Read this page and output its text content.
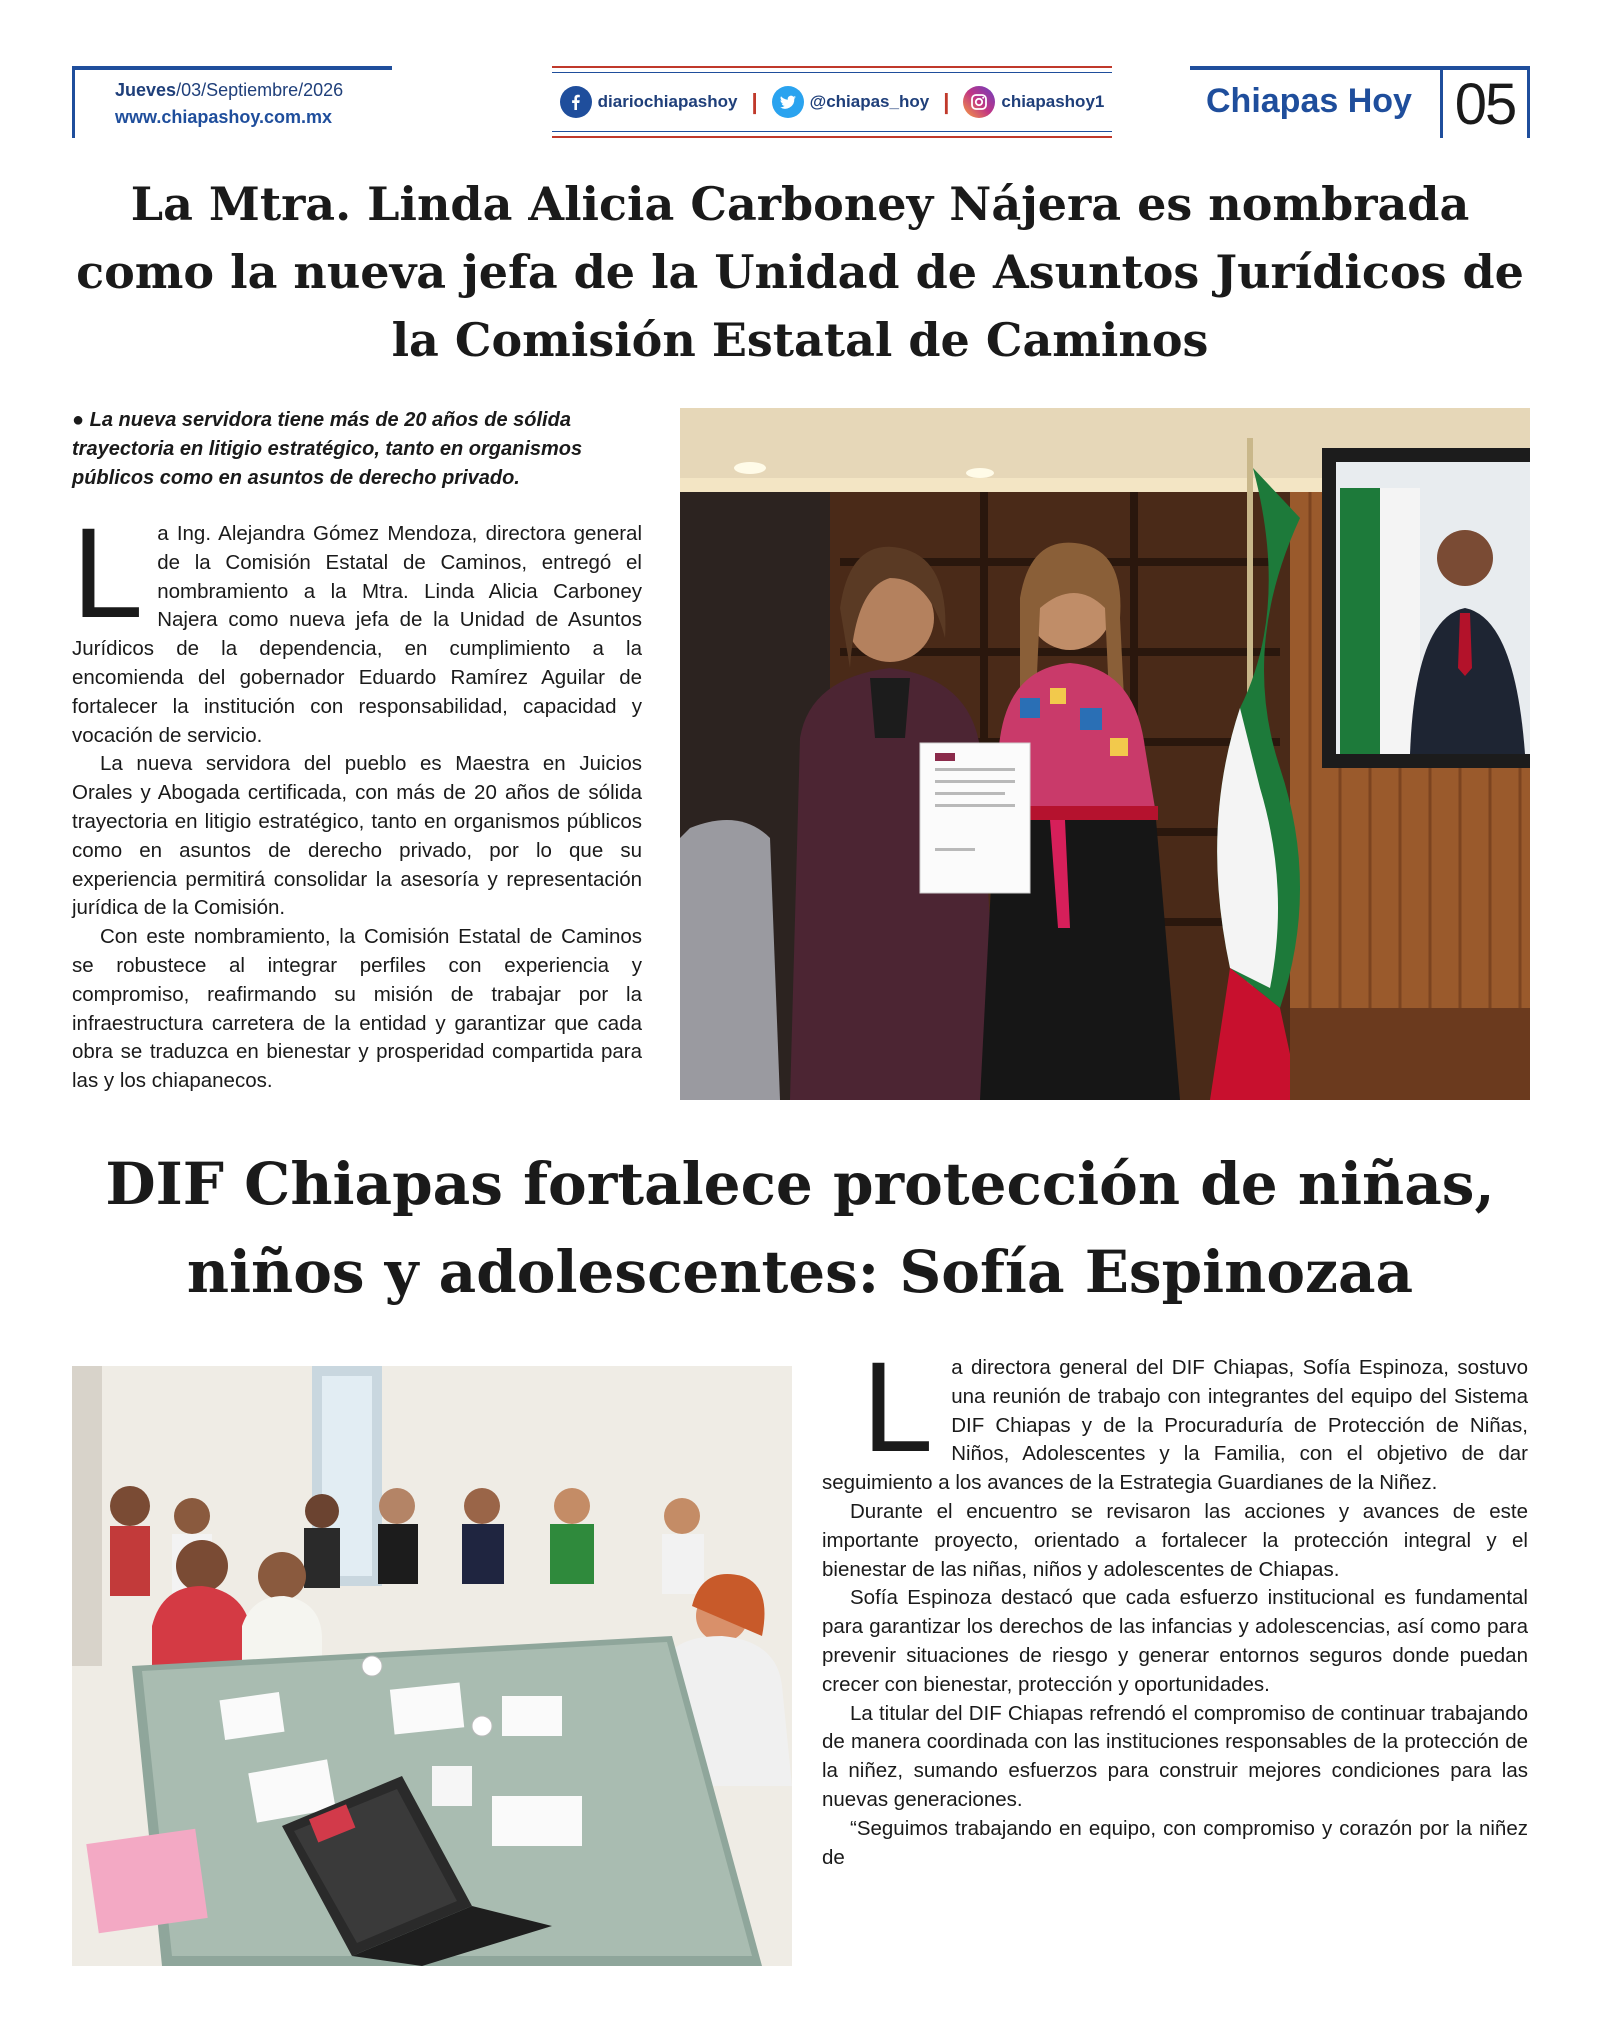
Jueves/03/Septiembre/2026
www.chiapashoy.com.mx
diariochiapashoy |	@chiapas_hoy |	chiapashoy1	Chiapas Hoy 05
La Mtra. Linda Alicia Carboney Nájera es nombrada como la nueva jefa de la Unidad de Asuntos Jurídicos de la Comisión Estatal de Caminos
● La nueva servidora tiene más de 20 años de sólida trayectoria en litigio estratégico, tanto en organismos públicos como en asuntos de derecho privado.

La Ing. Alejandra Gómez Mendoza, directora general de la Comisión Estatal de Caminos, entregó el nombramiento a la Mtra. Linda Alicia Carboney Najera como nueva jefa de la Unidad de Asuntos Jurídicos de la dependencia, en cumplimiento a la encomienda del gobernador Eduardo Ramírez Aguilar de fortalecer la institución con responsabilidad, capacidad y vocación de servicio.

La nueva servidora del pueblo es Maestra en Juicios Orales y Abogada certificada, con más de 20 años de sólida trayectoria en litigio estratégico, tanto en organismos públicos como en asuntos de derecho privado, por lo que su experiencia permitirá consolidar la asesoría y representación jurídica de la Comisión.

Con este nombramiento, la Comisión Estatal de Caminos se robustece al integrar perfiles con experiencia y compromiso, reafirmando su misión de trabajar por la infraestructura carretera de la entidad y garantizar que cada obra se traduzca en bienestar y prosperidad compartida para las y los chiapanecos.

DIF Chiapas fortalece protección de niñas, niños y adolescentes: Sofía Espinozaa

La directora general del DIF Chiapas, Sofía Espinoza, sostuvo una reunión de trabajo con integrantes del equipo del Sistema DIF Chiapas y de la Procuraduría de Protección de Niñas, Niños, Adolescentes y la Familia, con el objetivo de dar seguimiento a los avances de la Estrategia Guardianes de la Niñez.

Durante el encuentro se revisaron las acciones y avances de este importante proyecto, orientado a fortalecer la protección integral y el bienestar de las niñas, niños y adolescentes de Chiapas.

Sofía Espinoza destacó que cada esfuerzo institucional es fundamental para garantizar los derechos de las infancias y adolescencias, así como para prevenir situaciones de riesgo y generar entornos seguros donde puedan crecer con bienestar, protección y oportunidades.

La titular del DIF Chiapas refrendó el compromiso de continuar trabajando de manera coordinada con las instituciones responsables de la protección de la niñez, sumando esfuerzos para construir mejores condiciones para las nuevas generaciones.

“Seguimos trabajando en equipo, con compromiso y corazón por la niñez de
